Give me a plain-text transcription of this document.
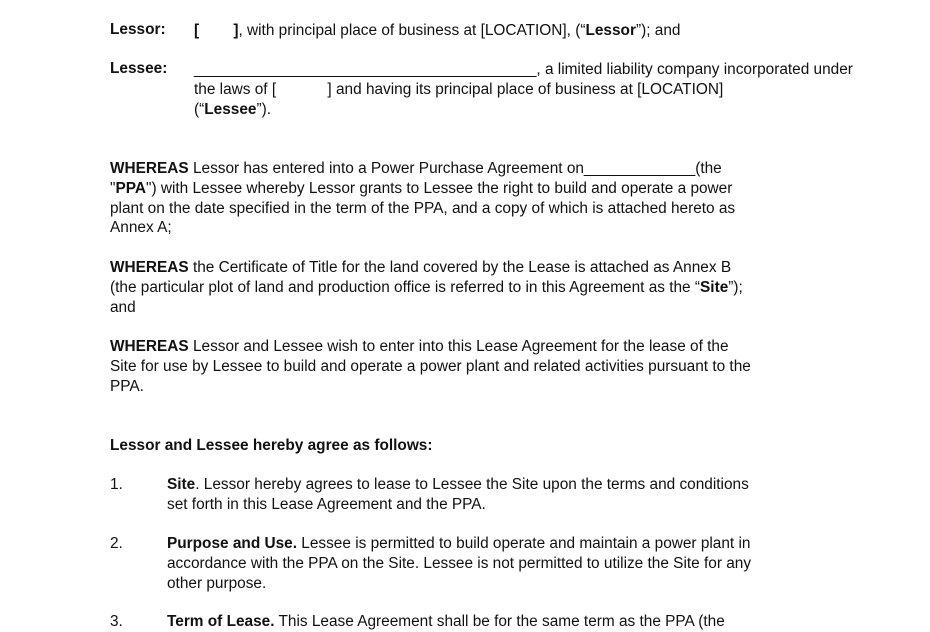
Lessor: [        ], with principal place of business at [LOCATION], (“Lessor”); and
Lessee: ________________________________________, a limited liability company incorporated under
the laws of [            ] and having its principal place of business at [LOCATION]
(“Lessee”).
WHEREAS Lessor has entered into a Power Purchase Agreement on_____________(the
"PPA") with Lessee whereby Lessor grants to Lessee the right to build and operate a power
plant on the date specified in the term of the PPA, and a copy of which is attached hereto as
Annex A;
WHEREAS the Certificate of Title for the land covered by the Lease is attached as Annex B
(the particular plot of land and production office is referred to in this Agreement as the “Site”);
and
WHEREAS Lessor and Lessee wish to enter into this Lease Agreement for the lease of the
Site for use by Lessee to build and operate a power plant and related activities pursuant to the
PPA.
Lessor and Lessee hereby agree as follows:
1.	Site. Lessor hereby agrees to lease to Lessee the Site upon the terms and conditions
set forth in this Lease Agreement and the PPA.
2.	Purpose and Use. Lessee is permitted to build operate and maintain a power plant in
accordance with the PPA on the Site. Lessee is not permitted to utilize the Site for any
other purpose.
3.	Term of Lease. This Lease Agreement shall be for the same term as the PPA (the
